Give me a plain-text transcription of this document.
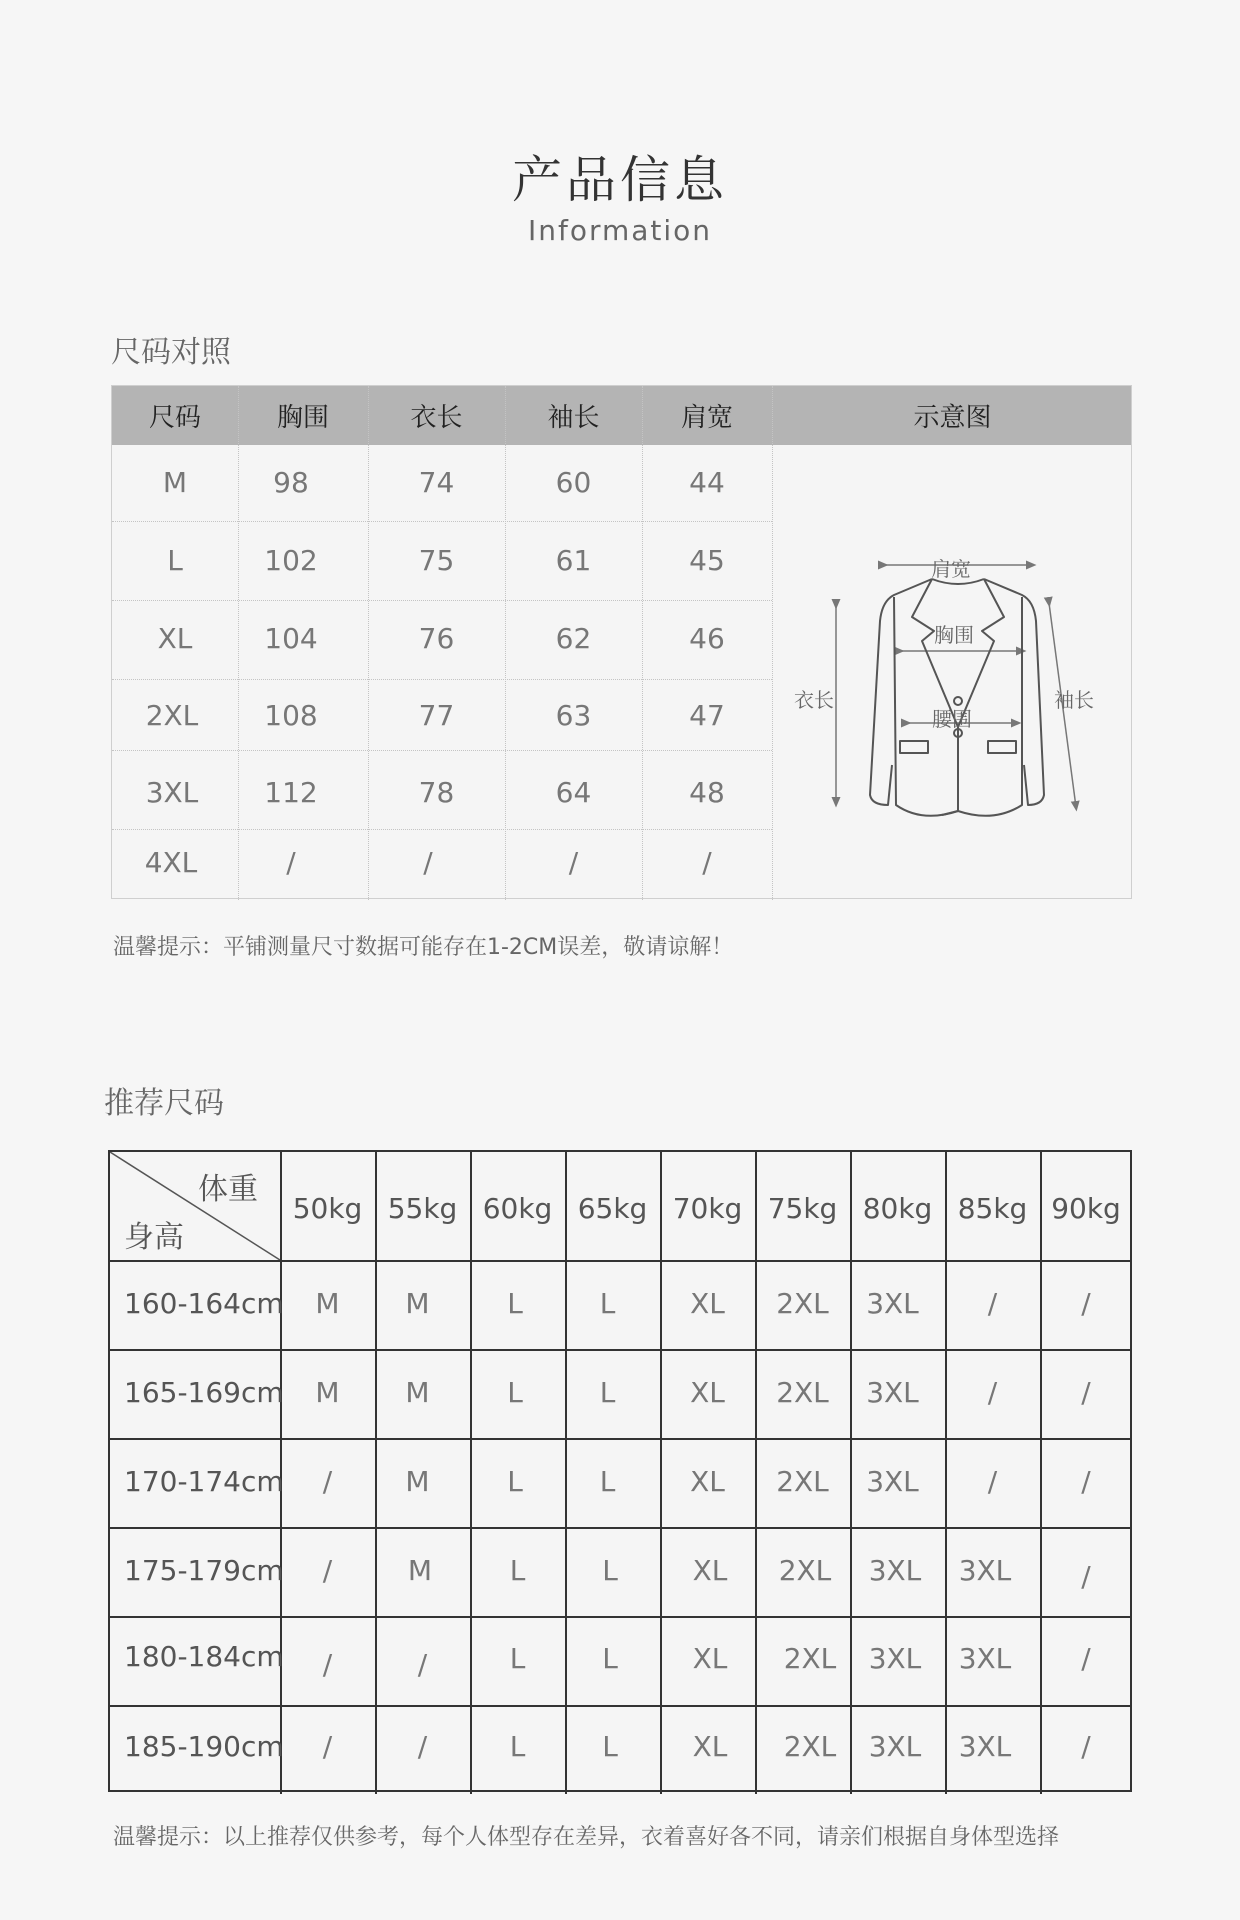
产品信息
Information
尺码对照
尺码	胸围	衣长	袖长	肩宽	示意图
M	98	74	60	44
L	102	75	61	45
XL	104	76	62	46
2XL	108	77	63	47
3XL	112	78	64	48
4XL	/	/	/	/
肩宽
胸围
衣长	袖长
腰围
温馨提示：平铺测量尺寸数据可能存在1-2CM误差，敬请谅解！
推荐尺码
体重
身高
50kg 55kg 60kg 65kg 70kg 75kg 80kg 85kg 90kg
160-164cm	M	M	L	L	XL	2XL	3XL	/	/
165-169cm	M	M	L	L	XL	2XL	3XL	/	/
170-174cm	/	M	L	L	XL	2XL	3XL	/	/
175-179cm	/	M	L	L	XL	2XL	3XL	3XL	/
180-184cm	/	/	L	L	XL	2XL	3XL	3XL	/
185-190cm	/	/	L	L	XL	2XL	3XL	3XL	/
温馨提示：以上推荐仅供参考，每个人体型存在差异，衣着喜好各不同，请亲们根据自身体型选择
